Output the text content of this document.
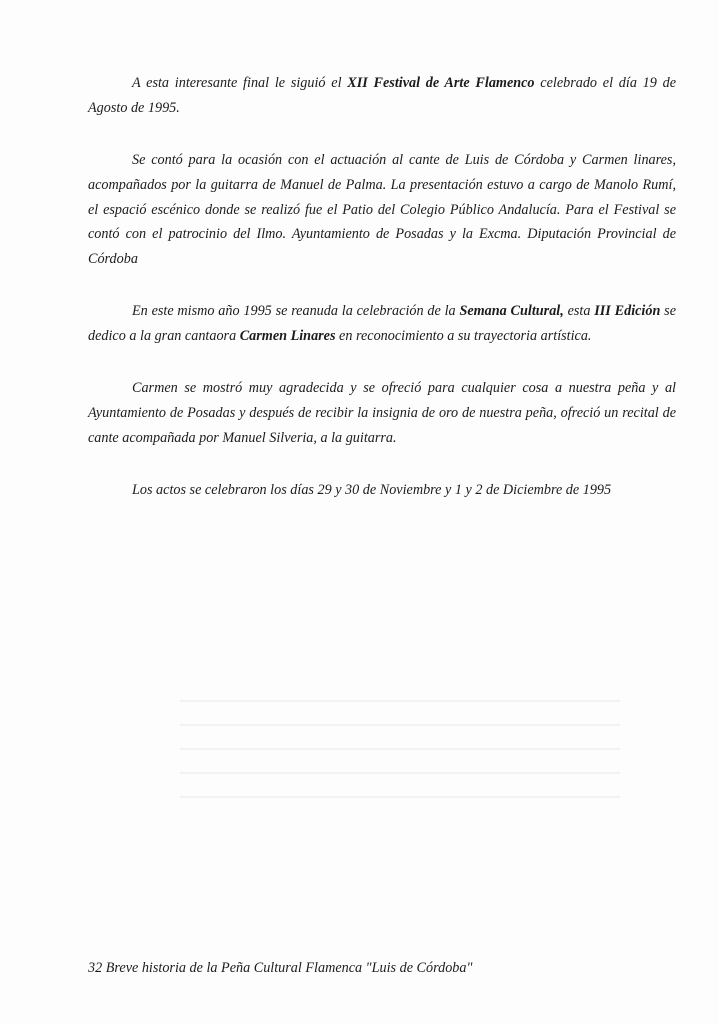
A esta interesante final le siguió el XII Festival de Arte Flamenco celebrado el día 19 de Agosto de 1995.

Se contó para la ocasión con el actuación al cante de Luis de Córdoba y Carmen linares, acompañados por la guitarra de Manuel de Palma. La presentación estuvo a cargo de Manolo Rumí, el espació escénico donde se realizó fue el Patio del Colegio Público Andalucía. Para el Festival se contó con el patrocinio del Ilmo. Ayuntamiento de Posadas y la Excma. Diputación Provincial de Córdoba

En este mismo año 1995 se reanuda la celebración de la Semana Cultural, esta III Edición se dedico a la gran cantaora Carmen Linares en reconocimiento a su trayectoria artística.

Carmen se mostró muy agradecida y se ofreció para cualquier cosa a nuestra peña y al Ayuntamiento de Posadas y después de recibir la insignia de oro de nuestra peña, ofreció un recital de cante acompañada por Manuel Silveria, a la guitarra.

Los actos se celebraron los días 29 y 30 de Noviembre y 1 y 2 de Diciembre de 1995

32 Breve historia de la Peña Cultural Flamenca "Luis de Córdoba"
